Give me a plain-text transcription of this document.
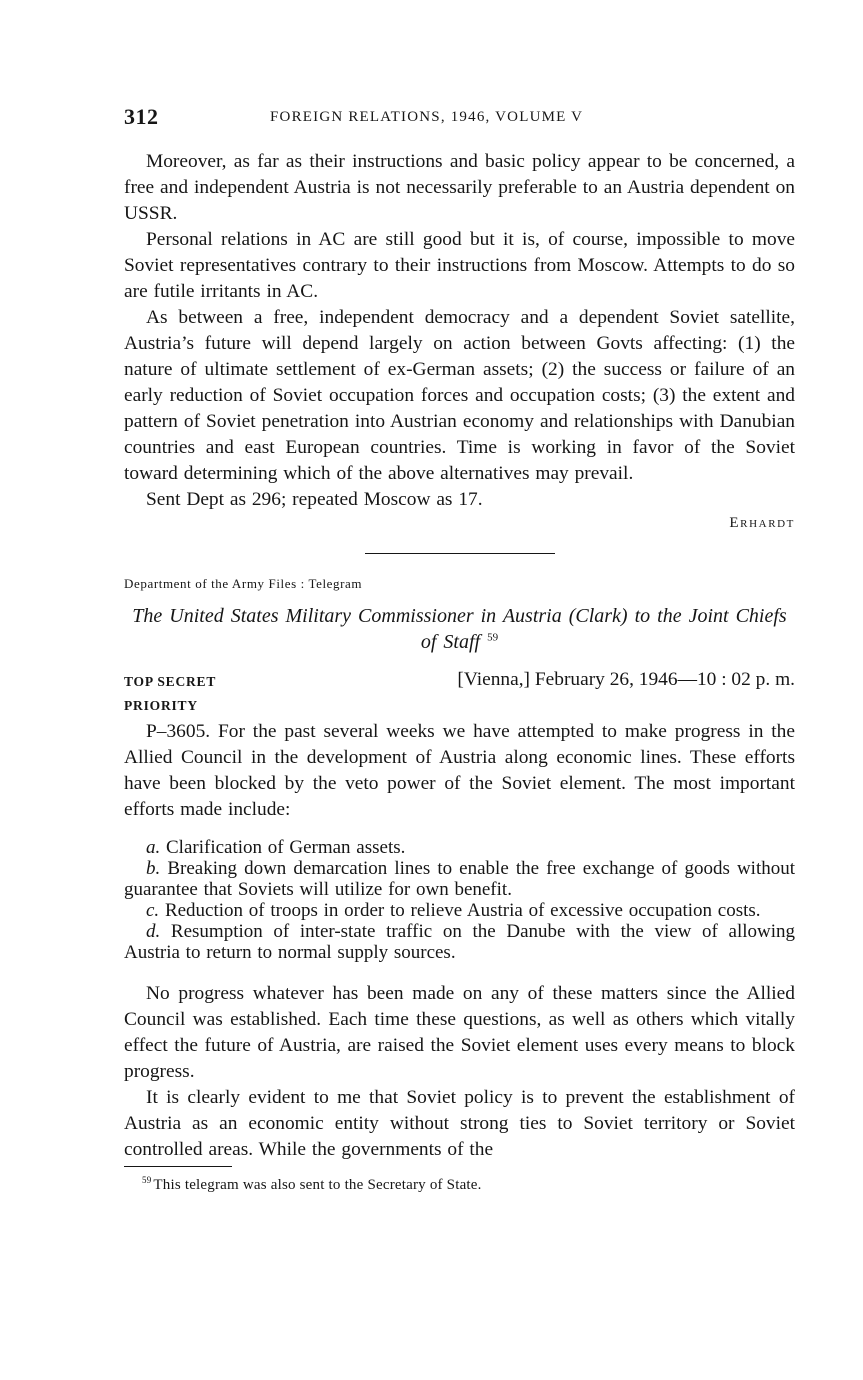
312	FOREIGN RELATIONS, 1946, VOLUME V

Moreover, as far as their instructions and basic policy appear to be concerned, a free and independent Austria is not necessarily preferable to an Austria dependent on USSR.

Personal relations in AC are still good but it is, of course, impossible to move Soviet representatives contrary to their instructions from Moscow. Attempts to do so are futile irritants in AC.

As between a free, independent democracy and a dependent Soviet satellite, Austria’s future will depend largely on action between Govts affecting: (1) the nature of ultimate settlement of ex-German assets; (2) the success or failure of an early reduction of Soviet occupation forces and occupation costs; (3) the extent and pattern of Soviet penetration into Austrian economy and relationships with Danubian countries and east European countries. Time is working in favor of the Soviet toward determining which of the above alternatives may prevail.

Sent Dept as 296; repeated Moscow as 17.

Erhardt
Department of the Army Files : Telegram
The United States Military Commissioner in Austria (Clark) to the Joint Chiefs of Staff $^{59}$
TOP SECRET
PRIORITY
[Vienna,] February 26, 1946—10 : 02 p. m.

P–3605. For the past several weeks we have attempted to make progress in the Allied Council in the development of Austria along economic lines. These efforts have been blocked by the veto power of the Soviet element. The most important efforts made include:

a. Clarification of German assets.

b. Breaking down demarcation lines to enable the free exchange of goods without guarantee that Soviets will utilize for own benefit.

c. Reduction of troops in order to relieve Austria of excessive occupation costs.

d. Resumption of inter-state traffic on the Danube with the view of allowing Austria to return to normal supply sources.

No progress whatever has been made on any of these matters since the Allied Council was established. Each time these questions, as well as others which vitally effect the future of Austria, are raised the Soviet element uses every means to block progress.

It is clearly evident to me that Soviet policy is to prevent the establishment of Austria as an economic entity without strong ties to Soviet territory or Soviet controlled areas. While the governments of the

$^{59}$ This telegram was also sent to the Secretary of State.
